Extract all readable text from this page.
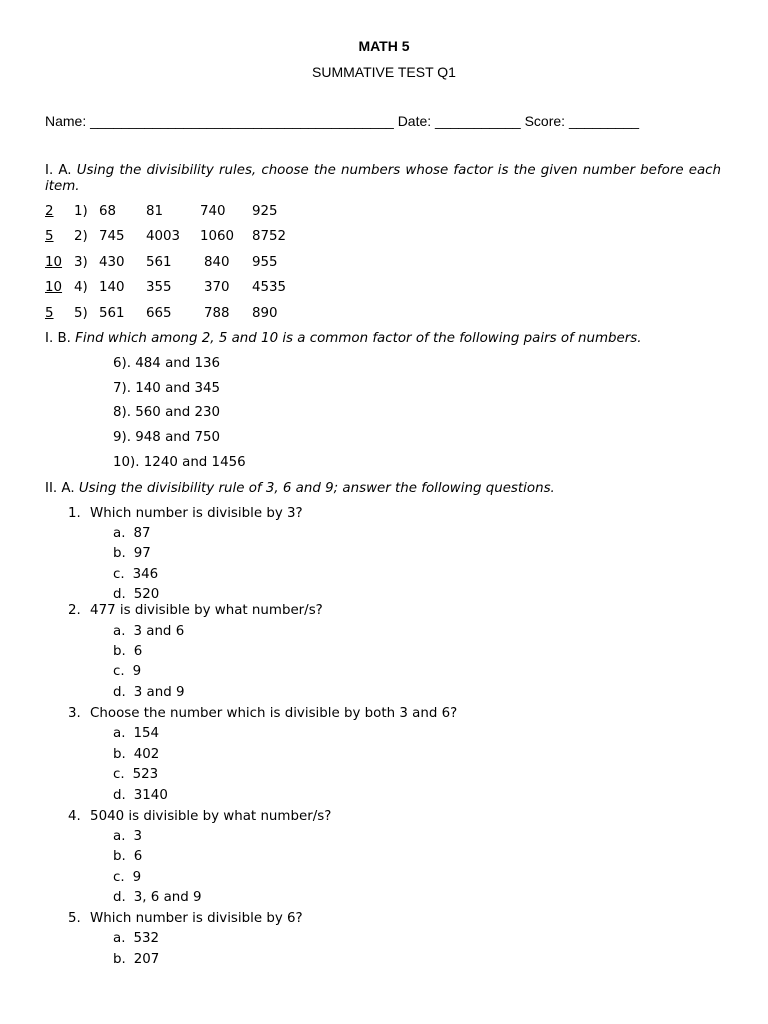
MATH 5
SUMMATIVE TEST Q1
Name: _______________________________________ Date: ___________ Score: _________
I. A. Using the divisibility rules, choose the numbers whose factor is the given number before each item.
2 1) 68 81	740 925
5 2) 745 4003 1060 8752
10 3) 430 561 840 955
10 4) 140 355 370 4535
5 5) 561 665 788 890
I. B. Find which among 2, 5 and 10 is a common factor of the following pairs of numbers.
6). 484 and 136
7). 140 and 345
8). 560 and 230
9). 948 and 750
10). 1240 and 1456
II. A. Using the divisibility rule of 3, 6 and 9; answer the following questions.
1. Which number is divisible by 3?
a. 87
b. 97
c. 346
d. 520
2. 477 is divisible by what number/s?
a. 3 and 6
b. 6
c. 9
d. 3 and 9
3. Choose the number which is divisible by both 3 and 6?
a. 154
b. 402
c. 523
d. 3140
4. 5040 is divisible by what number/s?
a. 3
b. 6
c. 9
d. 3, 6 and 9
5. Which number is divisible by 6?
a. 532
b. 207
